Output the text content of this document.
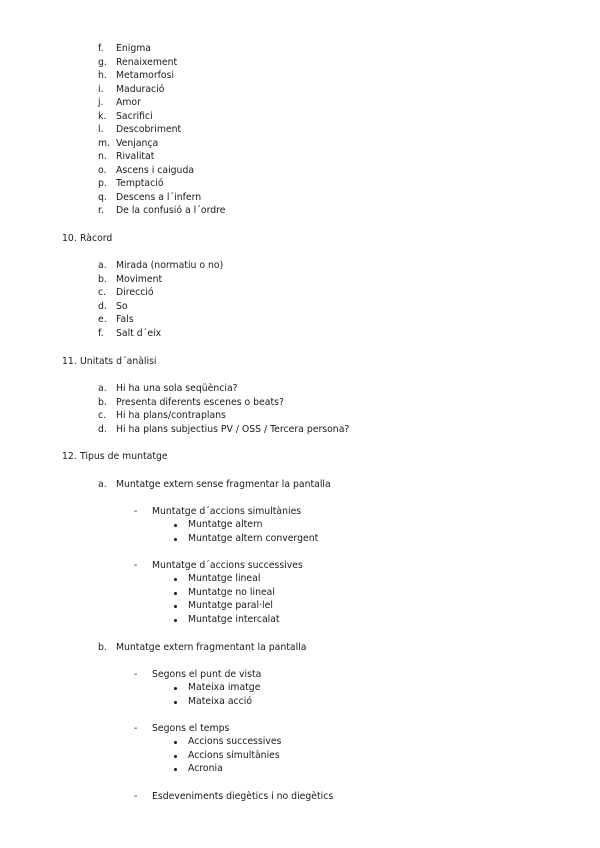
f. Enigma
g. Renaixement
h. Metamorfosi
i. Maduració
j. Amor
k. Sacrifici
l. Descobriment
m. Venjança
n. Rivalitat
o. Ascens i caiguda
p. Temptació
q. Descens a l´infern
r. De la confusió a l´ordre
10. Ràcord
a. Mirada (normatiu o no)
b. Moviment
c. Direcció
d. So
e. Fals
f. Salt d´eix
11. Unitats d´anàlisi
a. Hi ha una sola seqüència?
b. Presenta diferents escenes o beats?
c. Hi ha plans/contraplans
d. Hi ha plans subjectius PV / OSS / Tercera persona?
12. Tipus de muntatge
a. Muntatge extern sense fragmentar la pantalla
- Muntatge d´accions simultànies
Muntatge altern
Muntatge altern convergent
- Muntatge d´accions successives
Muntatge lineal
Muntatge no lineal
Muntatge paral·lel
Muntatge intercalat
b. Muntatge extern fragmentant la pantalla
- Segons el punt de vista
Mateixa imatge
Mateixa acció
- Segons el temps
Accions successives
Accions simultànies
Acronia
- Esdeveniments diegètics i no diegètics
